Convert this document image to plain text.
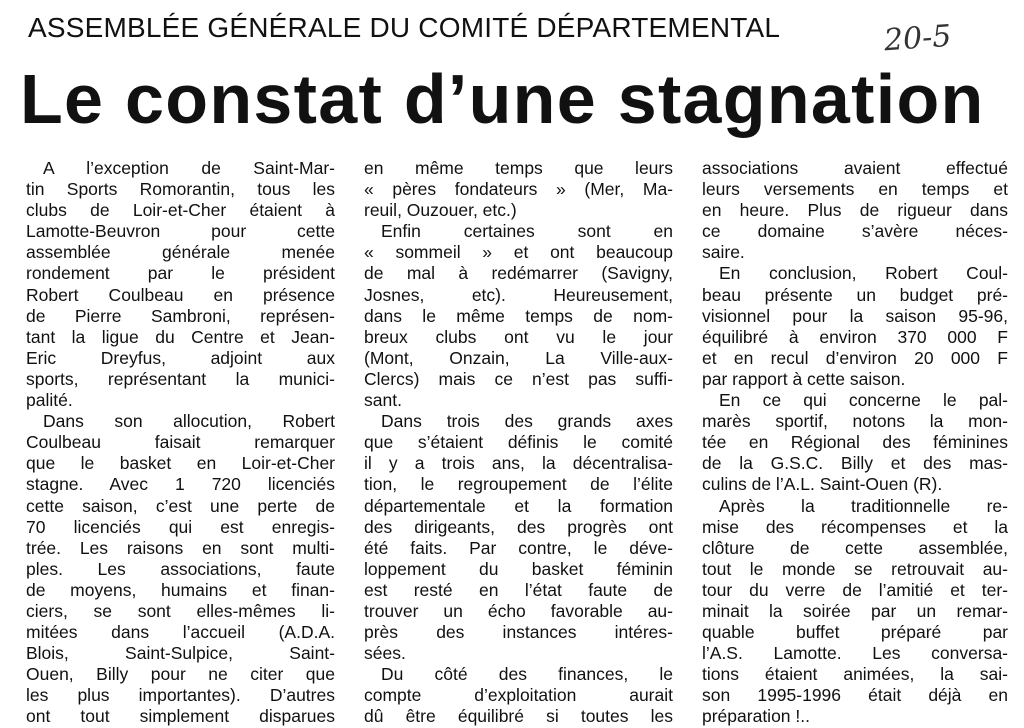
ASSEMBLÉE GÉNÉRALE DU COMITÉ DÉPARTEMENTAL	20-5
Le constat d’une stagnation
A l’exception de Saint-Mar-
tin Sports Romorantin, tous les
clubs de Loir-et-Cher étaient à
Lamotte-Beuvron pour cette
assemblée générale menée
rondement par le président
Robert Coulbeau en présence
de Pierre Sambroni, représen-
tant la ligue du Centre et Jean-
Eric Dreyfus, adjoint aux
sports, représentant la munici-
palité.
Dans son allocution, Robert
Coulbeau faisait remarquer
que le basket en Loir-et-Cher
stagne. Avec 1 720 licenciés
cette saison, c’est une perte de
70 licenciés qui est enregis-
trée. Les raisons en sont multi-
ples. Les associations, faute
de moyens, humains et finan-
ciers, se sont elles-mêmes li-
mitées dans l’accueil (A.D.A.
Blois, Saint-Sulpice, Saint-
Ouen, Billy pour ne citer que
les plus importantes). D’autres
ont tout simplement disparues
en même temps que leurs
« pères fondateurs » (Mer, Ma-
reuil, Ouzouer, etc.)
Enfin certaines sont en
« sommeil » et ont beaucoup
de mal à redémarrer (Savigny,
Josnes, etc). Heureusement,
dans le même temps de nom-
breux clubs ont vu le jour
(Mont, Onzain, La Ville-aux-
Clercs) mais ce n’est pas suffi-
sant.
Dans trois des grands axes
que s’étaient définis le comité
il y a trois ans, la décentralisa-
tion, le regroupement de l’élite
départementale et la formation
des dirigeants, des progrès ont
été faits. Par contre, le déve-
loppement du basket féminin
est resté en l’état faute de
trouver un écho favorable au-
près des instances intéres-
sées.
Du côté des finances, le
compte d’exploitation aurait
dû être équilibré si toutes les
associations avaient effectué
leurs versements en temps et
en heure. Plus de rigueur dans
ce domaine s’avère néces-
saire.
En conclusion, Robert Coul-
beau présente un budget pré-
visionnel pour la saison 95-96,
équilibré à environ 370 000 F
et en recul d’environ 20 000 F
par rapport à cette saison.
En ce qui concerne le pal-
marès sportif, notons la mon-
tée en Régional des féminines
de la G.S.C. Billy et des mas-
culins de l’A.L. Saint-Ouen (R).
Après la traditionnelle re-
mise des récompenses et la
clôture de cette assemblée,
tout le monde se retrouvait au-
tour du verre de l’amitié et ter-
minait la soirée par un remar-
quable buffet préparé par
l’A.S. Lamotte. Les conversa-
tions étaient animées, la sai-
son 1995-1996 était déjà en
préparation !..
